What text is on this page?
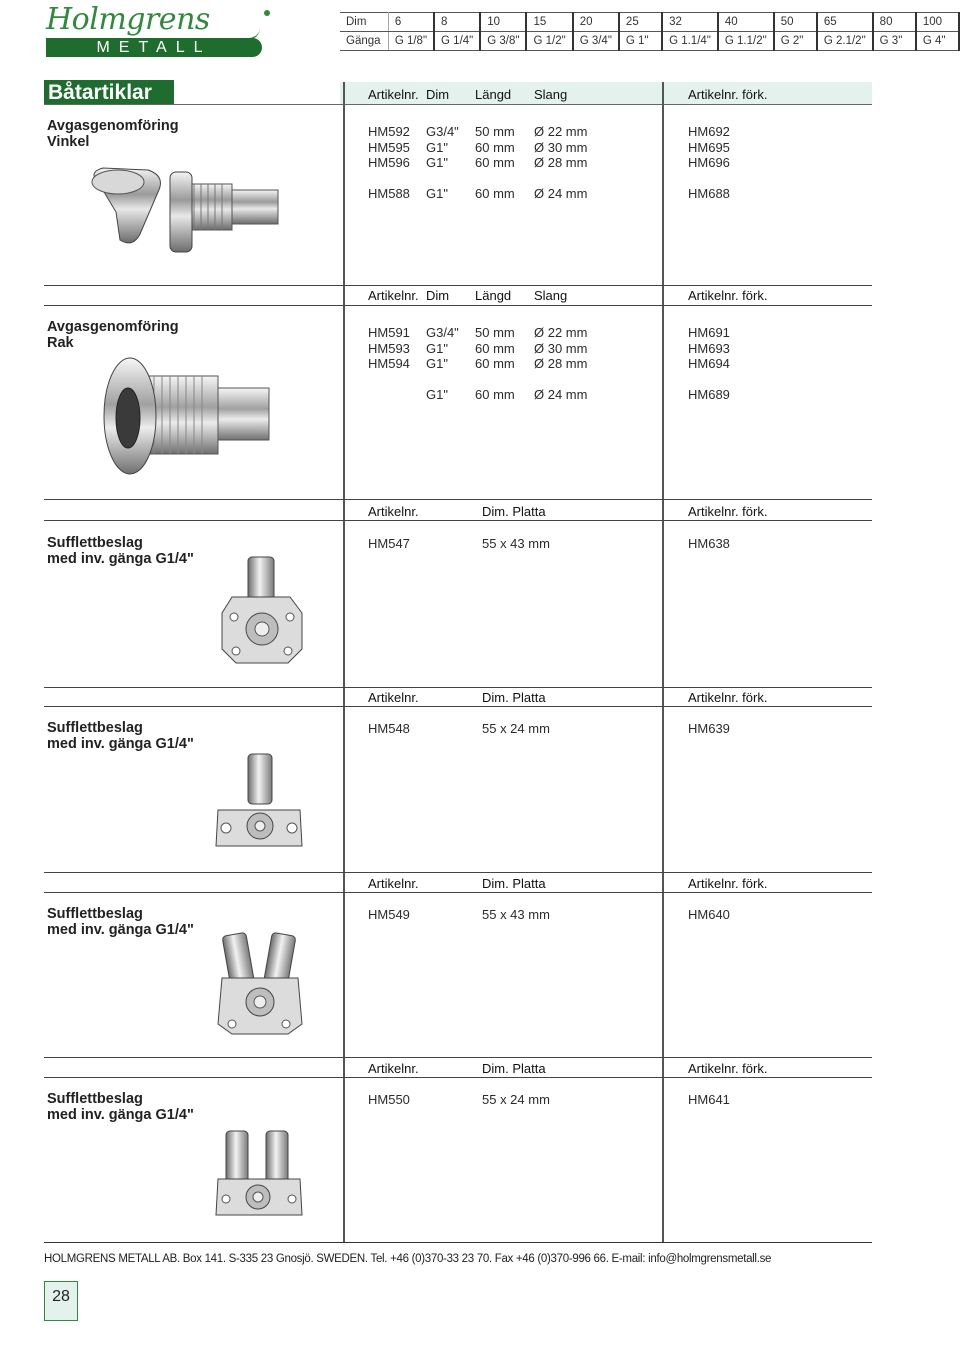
Holmgrens
METALL
Dim	6	8	10	15	20	25	32	40	50	65	80	100
Gänga	G 1/8"	G 1/4"	G 3/8"	G 1/2"	G 3/4"	G 1"	G 1.1/4"	G 1.1/2"	G 2"	G 2.1/2"	G 3"	G 4"
Båtartiklar	Artikelnr. Dim Längd Slang	Artikelnr. förk.
Avgasgenomföring
Vinkel
HM592 G3/4" 50 mm Ø 22 mm	HM692
HM595 G1" 60 mm Ø 30 mm	HM695
HM596 G1" 60 mm Ø 28 mm	HM696
HM588 G1" 60 mm Ø 24 mm	HM688
Artikelnr. Dim Längd Slang	Artikelnr. förk.
Avgasgenomföring
Rak
HM591 G3/4" 50 mm Ø 22 mm	HM691
HM593 G1" 60 mm Ø 30 mm	HM693
HM594 G1" 60 mm Ø 28 mm	HM694
G1" 60 mm Ø 24 mm	HM689
Artikelnr.	Dim. Platta	Artikelnr. förk.
Sufflettbeslag
med inv. gänga G1/4"
HM547	55 x 43 mm	HM638
Artikelnr.	Dim. Platta	Artikelnr. förk.
Sufflettbeslag
med inv. gänga G1/4"
HM548	55 x 24 mm	HM639
Artikelnr.	Dim. Platta	Artikelnr. förk.
Sufflettbeslag
med inv. gänga G1/4"
HM549	55 x 43 mm	HM640
Artikelnr.	Dim. Platta	Artikelnr. förk.
Sufflettbeslag
med inv. gänga G1/4"
HM550	55 x 24 mm	HM641
HOLMGRENS METALL AB. Box 141. S-335 23 Gnosjö. SWEDEN. Tel. +46 (0)370-33 23 70. Fax +46 (0)370-996 66. E-mail: info@holmgrensmetall.se
28
